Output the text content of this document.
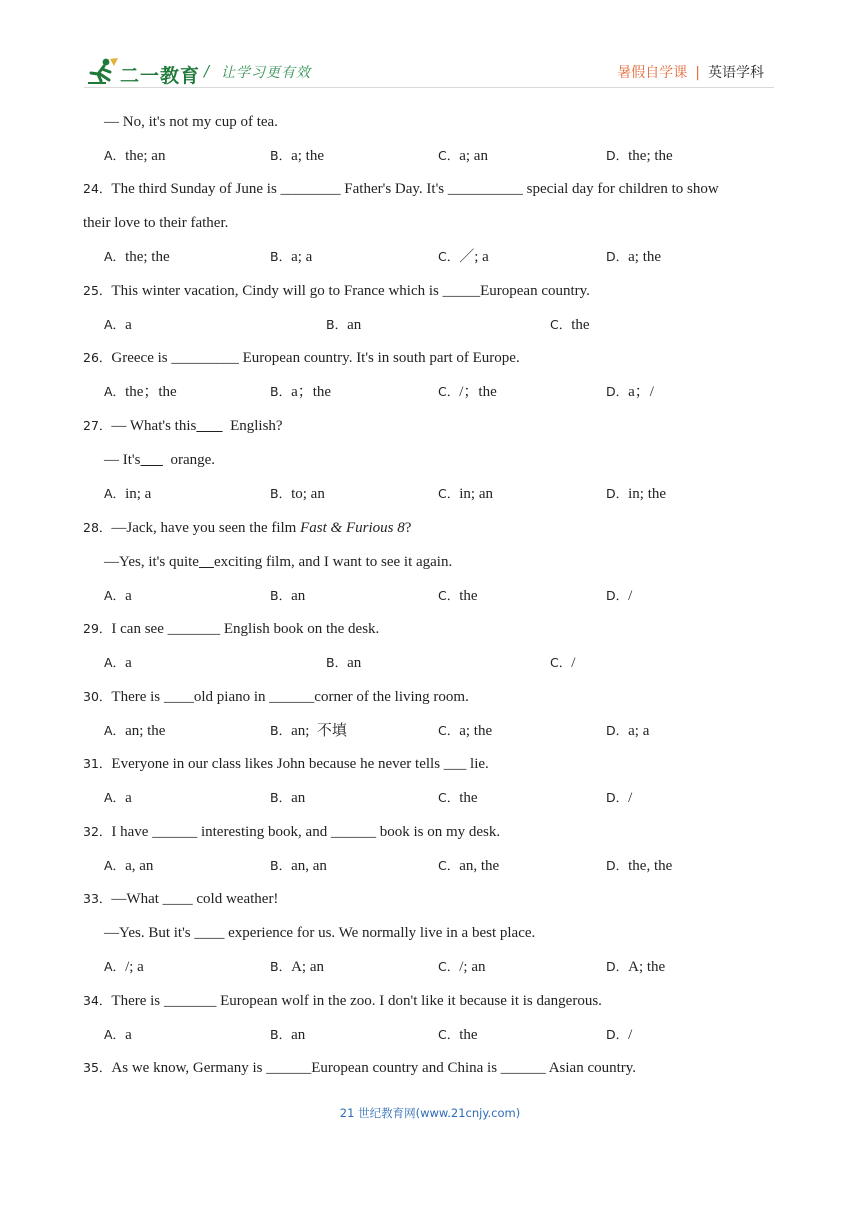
二一教育 / 让学习更有效	暑假自学课 | 英语学科
— No, it's not my cup of tea.
A．the; an	B．a; the	C．a; an	D．the; the
24．The third Sunday of June is ________ Father's Day. It's __________ special day for children to show
their love to their father.
A．the; the	B．a; a	C．／; a	D．a; the
25．This winter vacation, Cindy will go to France which is _____European country.
A．a	B．an	C．the
26．Greece is _________ European country. It's in south part of Europe.
A．the；the	B．a；the	C．/；the	D．a；/
27．— What's this         English?
— It's        orange.
A．in; a	B．to; an	C．in; an	D．in; the
28．—Jack, have you seen the film Fast & Furious 8?
—Yes, it's quite exciting film, and I want to see it again.
A．a	B．an	C．the	D．/
29．I can see _______ English book on the desk.
A．a	B．an	C．/
30．There is ____old piano in ______corner of the living room.
A．an; the	B．an;  不填	C．a; the	D．a; a
31．Everyone in our class likes John because he never tells ___ lie.
A．a	B．an	C．the	D．/
32．I have ______ interesting book, and ______ book is on my desk.
A．a, an	B．an, an	C．an, the	D．the, the
33．—What ____ cold weather!
—Yes. But it's ____ experience for us. We normally live in a best place.
A．/; a	B．A; an	C．/; an	D．A; the
34．There is _______ European wolf in the zoo. I don't like it because it is dangerous.
A．a	B．an	C．the	D．/
35．As we know, Germany is ______European country and China is ______ Asian country.
21 世纪教育网(www.21cnjy.com)
